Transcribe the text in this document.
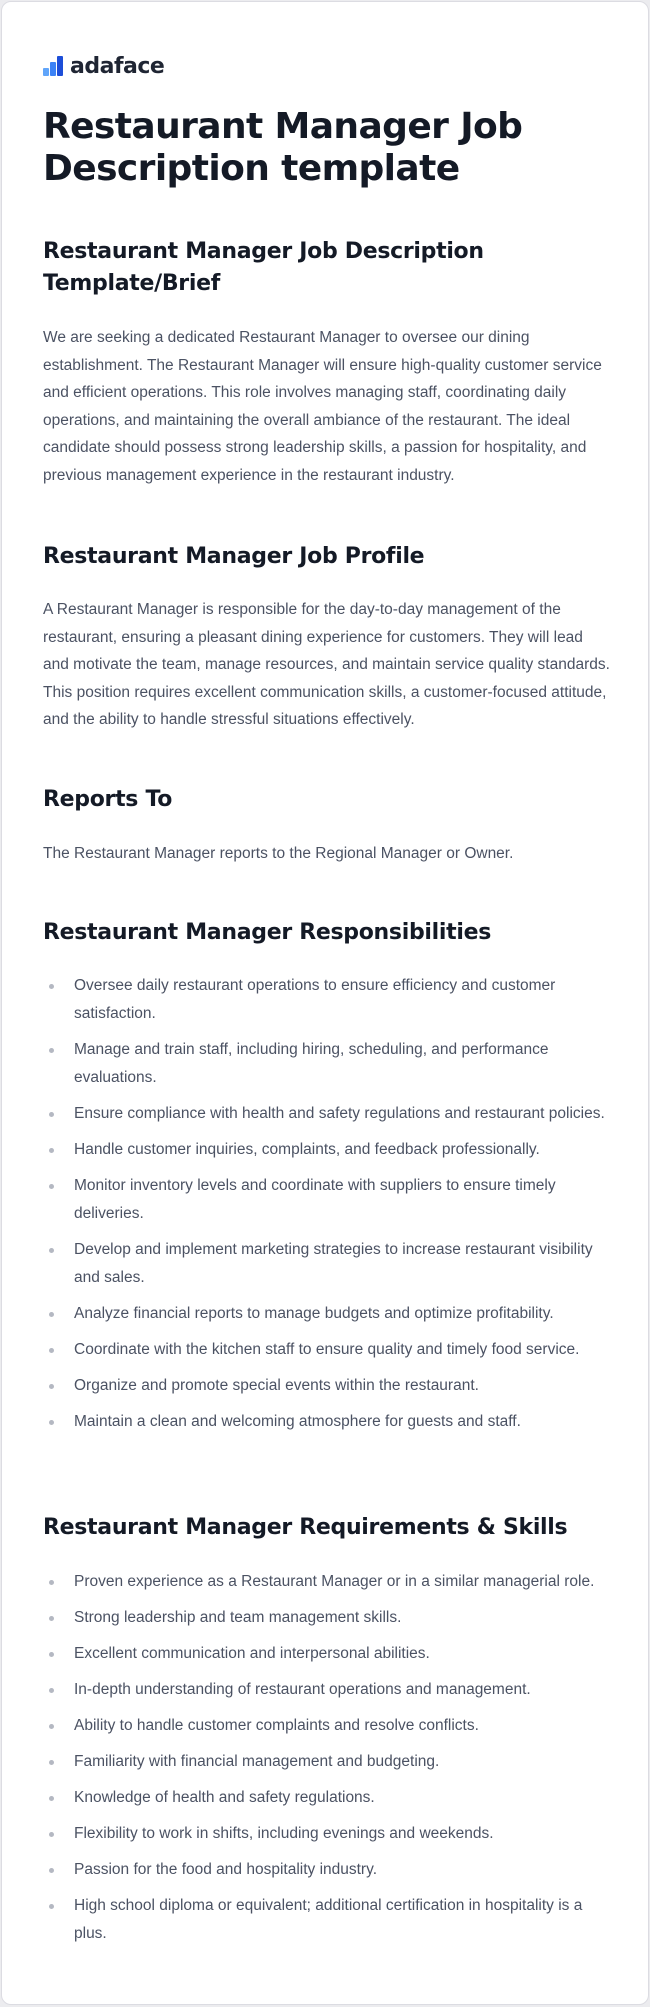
adaface
Restaurant Manager Job Description template
Restaurant Manager Job Description Template/Brief

We are seeking a dedicated Restaurant Manager to oversee our dining establishment. The Restaurant Manager will ensure high-quality customer service and efficient operations. This role involves managing staff, coordinating daily operations, and maintaining the overall ambiance of the restaurant. The ideal candidate should possess strong leadership skills, a passion for hospitality, and previous management experience in the restaurant industry.

Restaurant Manager Job Profile

A Restaurant Manager is responsible for the day-to-day management of the restaurant, ensuring a pleasant dining experience for customers. They will lead and motivate the team, manage resources, and maintain service quality standards. This position requires excellent communication skills, a customer-focused attitude, and the ability to handle stressful situations effectively.

Reports To

The Restaurant Manager reports to the Regional Manager or Owner.

Restaurant Manager Responsibilities
Oversee daily restaurant operations to ensure efficiency and customer satisfaction.
Manage and train staff, including hiring, scheduling, and performance evaluations.
Ensure compliance with health and safety regulations and restaurant policies.
Handle customer inquiries, complaints, and feedback professionally.
Monitor inventory levels and coordinate with suppliers to ensure timely deliveries.
Develop and implement marketing strategies to increase restaurant visibility and sales.
Analyze financial reports to manage budgets and optimize profitability.
Coordinate with the kitchen staff to ensure quality and timely food service.
Organize and promote special events within the restaurant.
Maintain a clean and welcoming atmosphere for guests and staff.
Restaurant Manager Requirements & Skills
Proven experience as a Restaurant Manager or in a similar managerial role.
Strong leadership and team management skills.
Excellent communication and interpersonal abilities.
In-depth understanding of restaurant operations and management.
Ability to handle customer complaints and resolve conflicts.
Familiarity with financial management and budgeting.
Knowledge of health and safety regulations.
Flexibility to work in shifts, including evenings and weekends.
Passion for the food and hospitality industry.
High school diploma or equivalent; additional certification in hospitality is a plus.
